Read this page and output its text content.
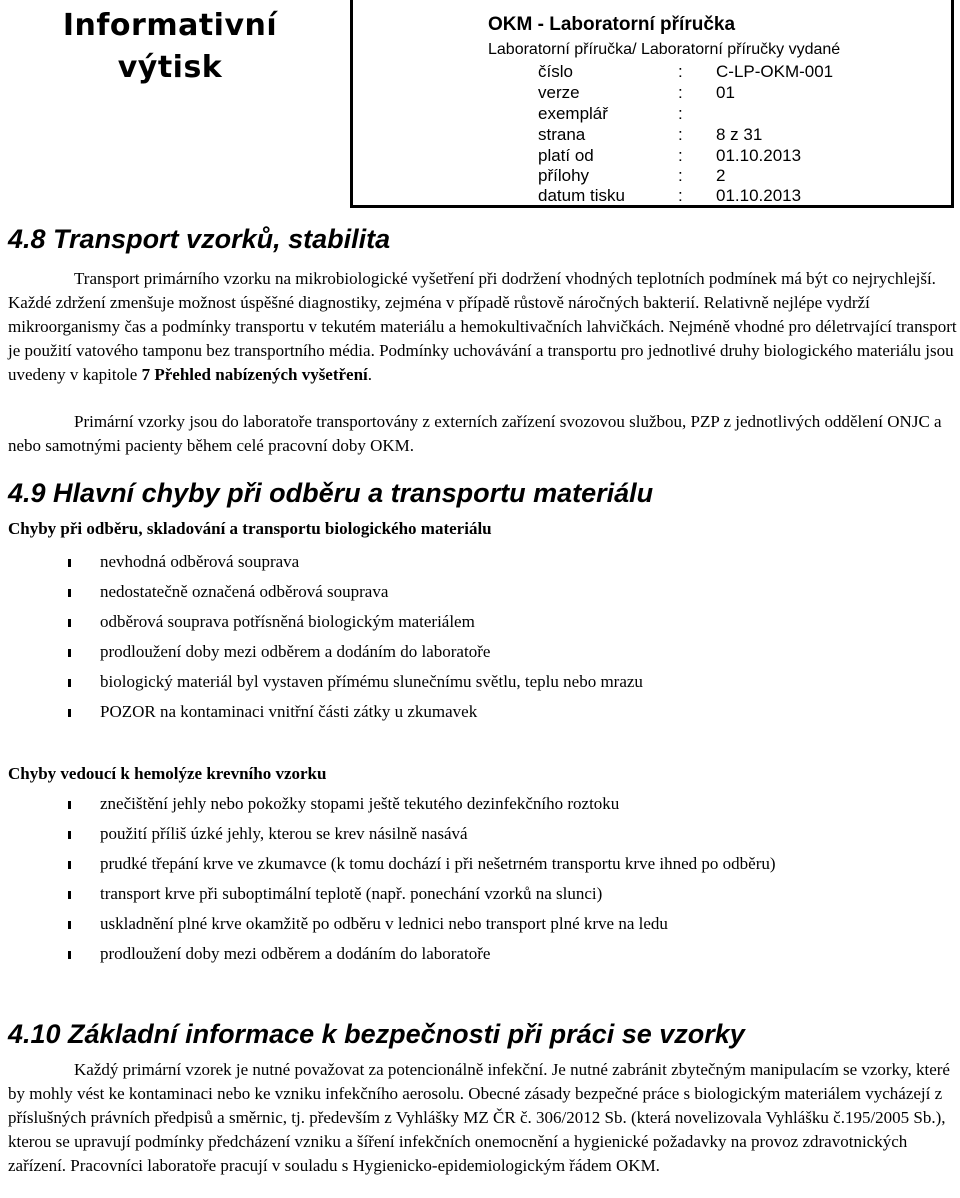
Informativní
výtisk
OKM - Laboratorní příručka
Laboratorní příručka/ Laboratorní příručky vydané
číslo	: C-LP-OKM-001
verze	: 01
exemplář	:
strana	: 8 z 31
platí od	: 01.10.2013
přílohy	: 2
datum tisku	: 01.10.2013
4.8 Transport vzorků, stabilita

Transport primárního vzorku na mikrobiologické vyšetření při dodržení vhodných teplotních podmínek má být co nejrychlejší. Každé zdržení zmenšuje možnost úspěšné diagnostiky, zejména v případě růstově náročných bakterií. Relativně nejlépe vydrží mikroorganismy čas a podmínky transportu v tekutém materiálu a hemokultivačních lahvičkách. Nejméně vhodné pro déletrvající transport je použití vatového tamponu bez transportního média. Podmínky uchovávání a transportu pro jednotlivé druhy biologického materiálu jsou uvedeny v kapitole 7 Přehled nabízených vyšetření.

Primární vzorky jsou do laboratoře transportovány z externích zařízení svozovou službou, PZP z jednotlivých oddělení ONJC a nebo samotnými pacienty během celé pracovní doby OKM.

4.9 Hlavní chyby při odběru a transportu materiálu
Chyby při odběru, skladování a transportu biologického materiálu
nevhodná odběrová souprava
nedostatečně označená odběrová souprava
odběrová souprava potřísněná biologickým materiálem
prodloužení doby mezi odběrem a dodáním do laboratoře
biologický materiál byl vystaven přímému slunečnímu světlu, teplu nebo mrazu
POZOR na kontaminaci vnitřní části zátky u zkumavek
Chyby vedoucí k hemolýze krevního vzorku
znečištění jehly nebo pokožky stopami ještě tekutého dezinfekčního roztoku
použití příliš úzké jehly, kterou se krev násilně nasává
prudké třepání krve ve zkumavce (k tomu dochází i při nešetrném transportu krve ihned po odběru)
transport krve při suboptimální teplotě (např. ponechání vzorků na slunci)
uskladnění plné krve okamžitě po odběru v lednici nebo transport plné krve na ledu
prodloužení doby mezi odběrem a dodáním do laboratoře
4.10 Základní informace k bezpečnosti při práci se vzorky

Každý primární vzorek je nutné považovat za potencionálně infekční. Je nutné zabránit zbytečným manipulacím se vzorky, které by mohly vést ke kontaminaci nebo ke vzniku infekčního aerosolu. Obecné zásady bezpečné práce s biologickým materiálem vycházejí z příslušných právních předpisů a směrnic, tj. především z Vyhlášky MZ ČR č. 306/2012 Sb. (která novelizovala Vyhlášku č.195/2005 Sb.), kterou se upravují podmínky předcházení vzniku a šíření infekčních onemocnění a hygienické požadavky na provoz zdravotnických zařízení. Pracovníci laboratoře pracují v souladu s Hygienicko-epidemiologickým řádem OKM.
